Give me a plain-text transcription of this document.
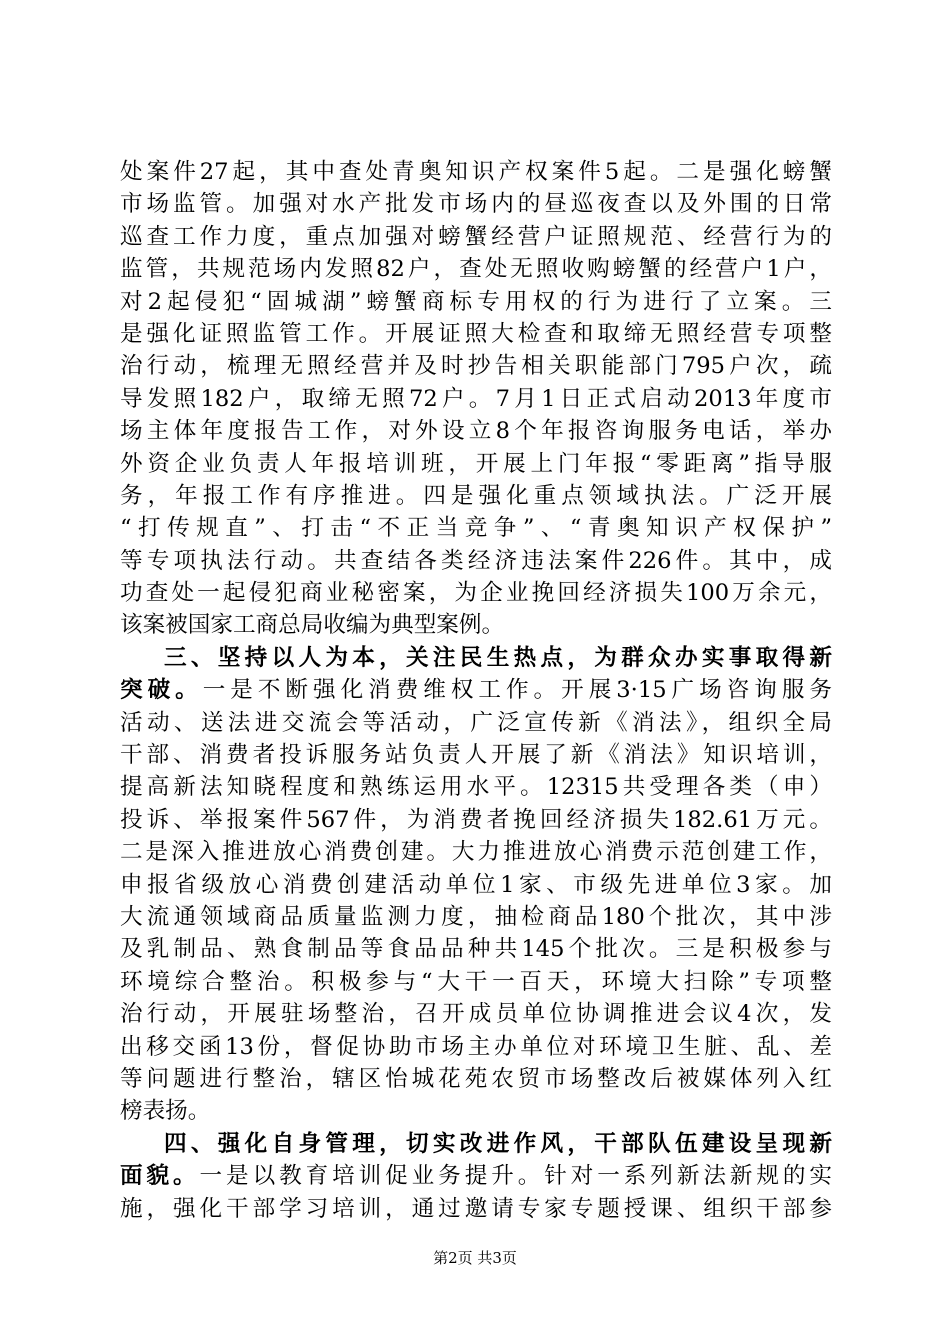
处案件27起，其中查处青奥知识产权案件5起。二是强化螃蟹
市场监管。加强对水产批发市场内的昼巡夜查以及外围的日常
巡查工作力度，重点加强对螃蟹经营户证照规范、经营行为的
监管，共规范场内发照82户，查处无照收购螃蟹的经营户1户，
对2起侵犯“固城湖”螃蟹商标专用权的行为进行了立案。三
是强化证照监管工作。开展证照大检查和取缔无照经营专项整
治行动，梳理无照经营并及时抄告相关职能部门795户次，疏
导发照182户，取缔无照72户。7月1日正式启动2013年度市
场主体年度报告工作，对外设立8个年报咨询服务电话，举办
外资企业负责人年报培训班，开展上门年报“零距离”指导服
务，年报工作有序推进。四是强化重点领域执法。广泛开展
“打传规直”、打击“不正当竞争”、“青奥知识产权保护”
等专项执法行动。共查结各类经济违法案件226件。其中，成
功查处一起侵犯商业秘密案，为企业挽回经济损失100万余元，
该案被国家工商总局收编为典型案例。
三、坚持以人为本，关注民生热点，为群众办实事取得新
突破。一是不断强化消费维权工作。开展3·15广场咨询服务
活动、送法进交流会等活动，广泛宣传新《消法》，组织全局
干部、消费者投诉服务站负责人开展了新《消法》知识培训，
提高新法知晓程度和熟练运用水平。12315共受理各类（申）
投诉、举报案件567件，为消费者挽回经济损失182.61万元。
二是深入推进放心消费创建。大力推进放心消费示范创建工作，
申报省级放心消费创建活动单位1家、市级先进单位3家。加
大流通领域商品质量监测力度，抽检商品180个批次，其中涉
及乳制品、熟食制品等食品品种共145个批次。三是积极参与
环境综合整治。积极参与“大干一百天，环境大扫除”专项整
治行动，开展驻场整治，召开成员单位协调推进会议4次，发
出移交函13份，督促协助市场主办单位对环境卫生脏、乱、差
等问题进行整治，辖区怡城花苑农贸市场整改后被媒体列入红
榜表扬。
四、强化自身管理，切实改进作风，干部队伍建设呈现新
面貌。一是以教育培训促业务提升。针对一系列新法新规的实
施，强化干部学习培训，通过邀请专家专题授课、组织干部参
第2页 共3页
